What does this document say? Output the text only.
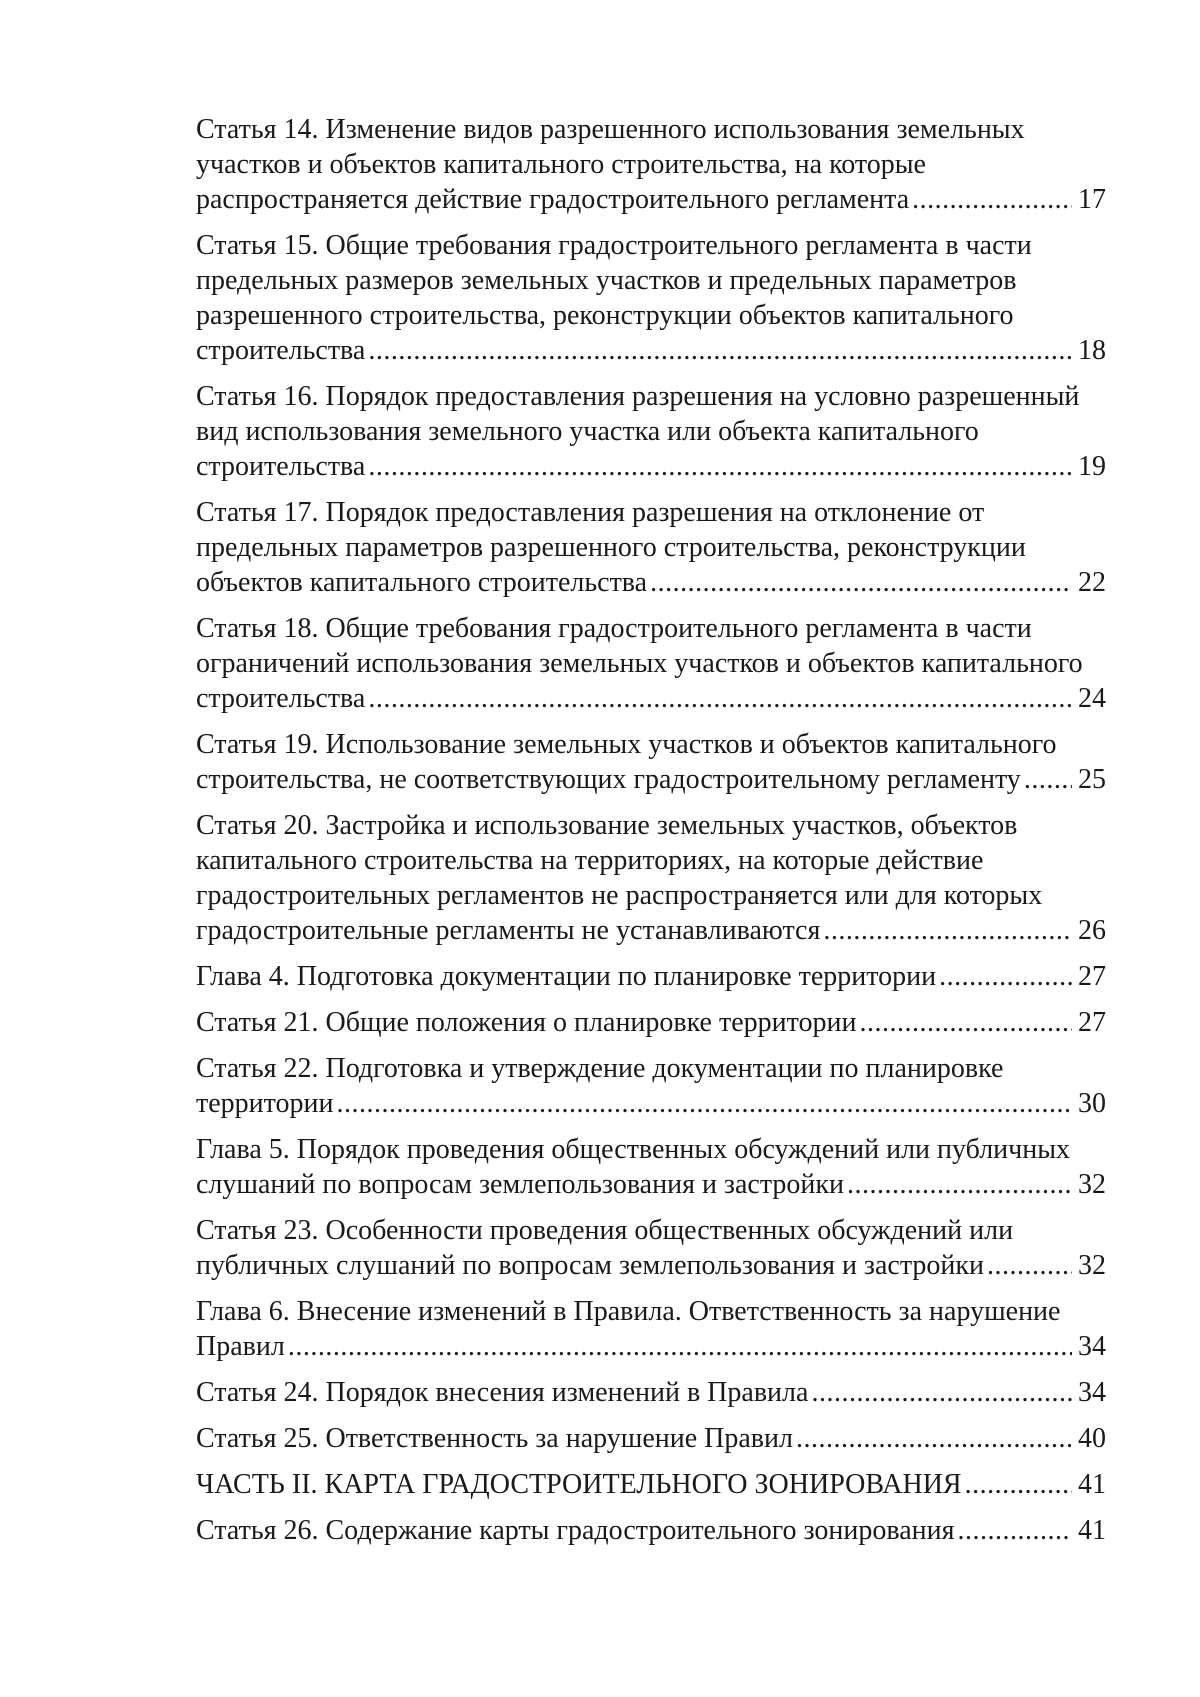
Статья 14. Изменение видов разрешенного использования земельных
участков и объектов капитального строительства, на которые
распространяется действие градостроительного регламента .....	17
Статья 15. Общие требования градостроительного регламента в части
предельных размеров земельных участков и предельных параметров
разрешенного строительства, реконструкции объектов капитального
строительства .....	18
Статья 16. Порядок предоставления разрешения на условно разрешенный
вид использования земельного участка или объекта капитального
строительства .....	19
Статья 17. Порядок предоставления разрешения на отклонение от
предельных параметров разрешенного строительства, реконструкции
объектов капитального строительства .....	22
Статья 18. Общие требования градостроительного регламента в части
ограничений использования земельных участков и объектов капитального
строительства .....	24
Статья 19. Использование земельных участков и объектов капитального
строительства, не соответствующих градостроительному регламенту ..... 25
Статья 20. Застройка и использование земельных участков, объектов
капитального строительства на территориях, на которые действие
градостроительных регламентов не распространяется или для которых
градостроительные регламенты не устанавливаются .....	26
Глава 4. Подготовка документации по планировке территории .....	27
Статья 21. Общие положения о планировке территории .....	27
Статья 22. Подготовка и утверждение документации по планировке
территории .....	30
Глава 5. Порядок проведения общественных обсуждений или публичных
слушаний по вопросам землепользования и застройки .....	32
Статья 23. Особенности проведения общественных обсуждений или
публичных слушаний по вопросам землепользования и застройки .....	32
Глава 6. Внесение изменений в Правила. Ответственность за нарушение
Правил .....	34
Статья 24. Порядок внесения изменений в Правила .....	34
Статья 25. Ответственность за нарушение Правил .....	40
ЧАСТЬ II. КАРТА ГРАДОСТРОИТЕЛЬНОГО ЗОНИРОВАНИЯ .....	41
Статья 26. Содержание карты градостроительного зонирования .....	41
